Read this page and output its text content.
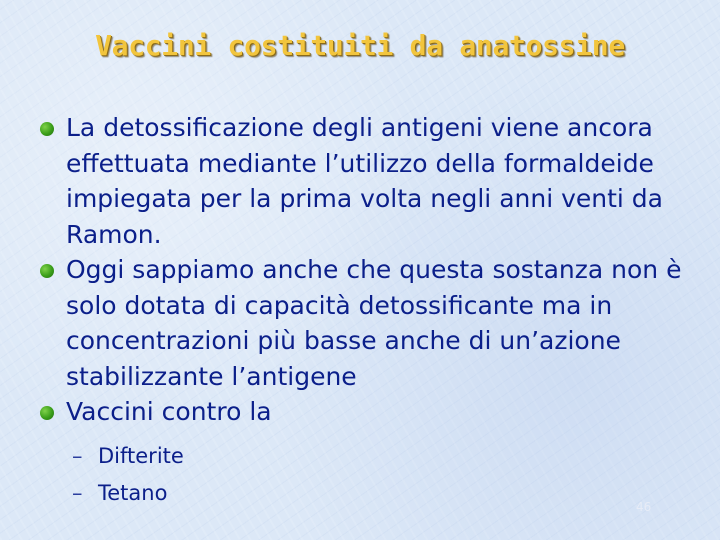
Vaccini costituiti da anatossine
La detossificazione degli antigeni viene ancora effettuata mediante l’utilizzo della formaldeide impiegata per la prima volta negli anni venti da Ramon.
Oggi sappiamo anche che questa sostanza non è solo dotata di capacità detossificante ma in concentrazioni più basse anche di un’azione stabilizzante l’antigene
Vaccini contro la
– Difterite
– Tetano
46
